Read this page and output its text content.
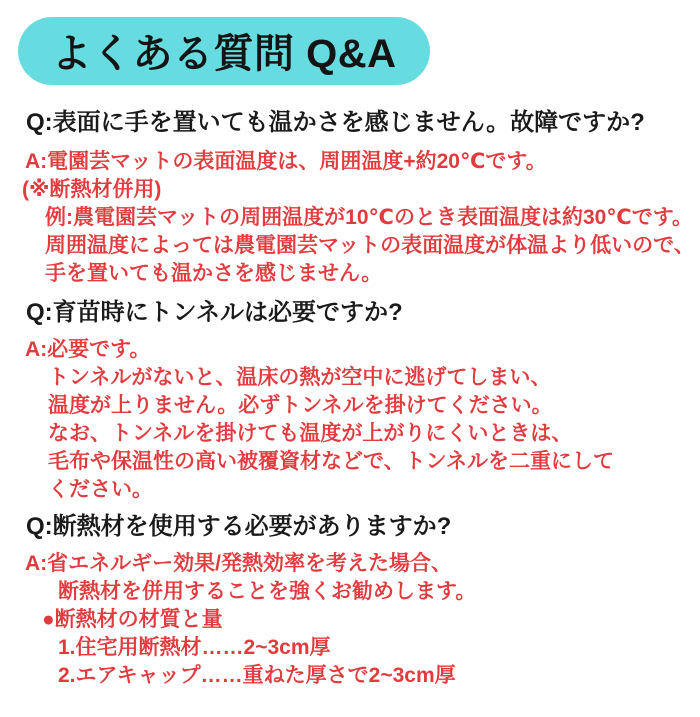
よくある質問 Q&A
Q:表面に手を置いても温かさを感じません。故障ですか?
A:電園芸マットの表面温度は、周囲温度+約20℃です。
(※断熱材併用)
例:農電園芸マットの周囲温度が10℃のとき表面温度は約30℃です。
周囲温度によっては農電園芸マットの表面温度が体温より低いので、
手を置いても温かさを感じません。
Q:育苗時にトンネルは必要ですか?
A:必要です。
トンネルがないと、温床の熱が空中に逃げてしまい、
温度が上りません。必ずトンネルを掛けてください。
なお、トンネルを掛けても温度が上がりにくいときは、
毛布や保温性の高い被覆資材などで、トンネルを二重にして
ください。
Q:断熱材を使用する必要がありますか?
A:省エネルギー効果/発熱効率を考えた場合、
断熱材を併用することを強くお勧めします。
●断熱材の材質と量
1.住宅用断熱材……2~3cm厚
2.エアキャップ……重ねた厚さで2~3cm厚
